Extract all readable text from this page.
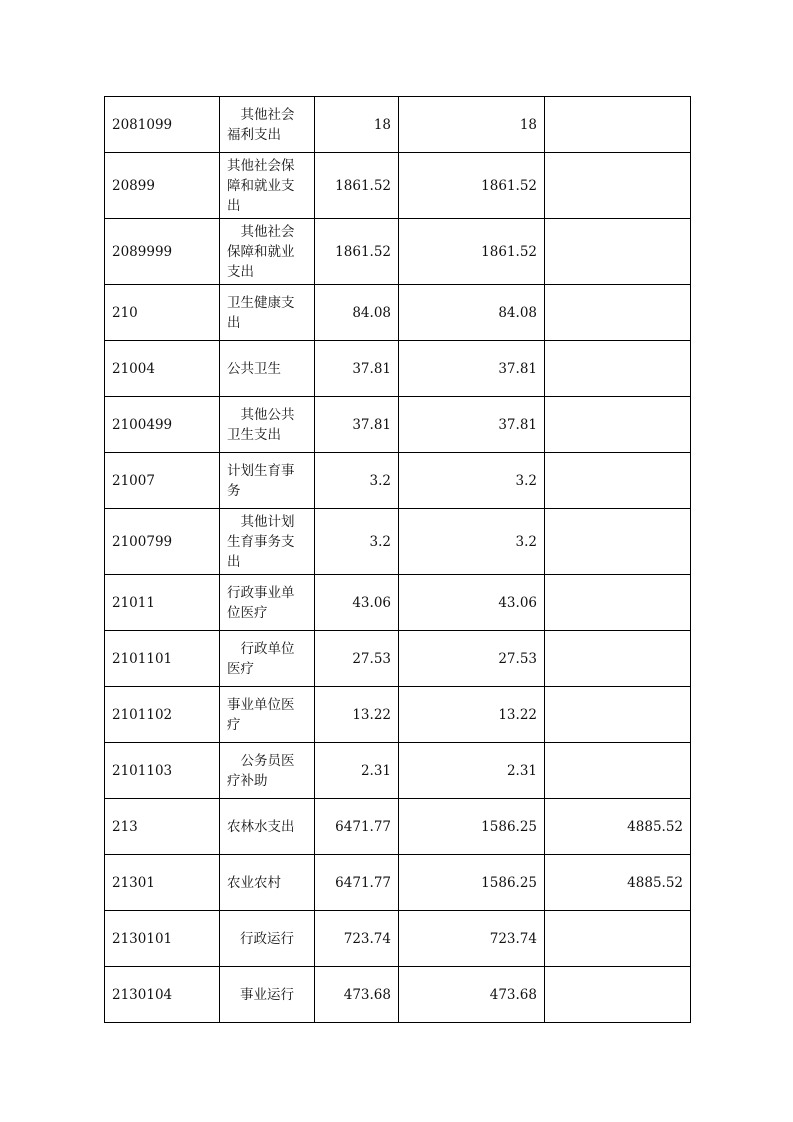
2081099	其他社会福利支出	18	18	
20899	其他社会保障和就业支出	1861.52	1861.52	
2089999	其他社会保障和就业支出	1861.52	1861.52	
210	卫生健康支出	84.08	84.08	
21004	公共卫生	37.81	37.81	
2100499	其他公共卫生支出	37.81	37.81	
21007	计划生育事务	3.2	3.2	
2100799	其他计划生育事务支出	3.2	3.2	
21011	行政事业单位医疗	43.06	43.06	
2101101	行政单位医疗	27.53	27.53	
2101102	事业单位医疗	13.22	13.22	
2101103	公务员医疗补助	2.31	2.31	
213	农林水支出	6471.77	1586.25	4885.52
21301	农业农村	6471.77	1586.25	4885.52
2130101	行政运行	723.74	723.74	
2130104	事业运行	473.68	473.68	
